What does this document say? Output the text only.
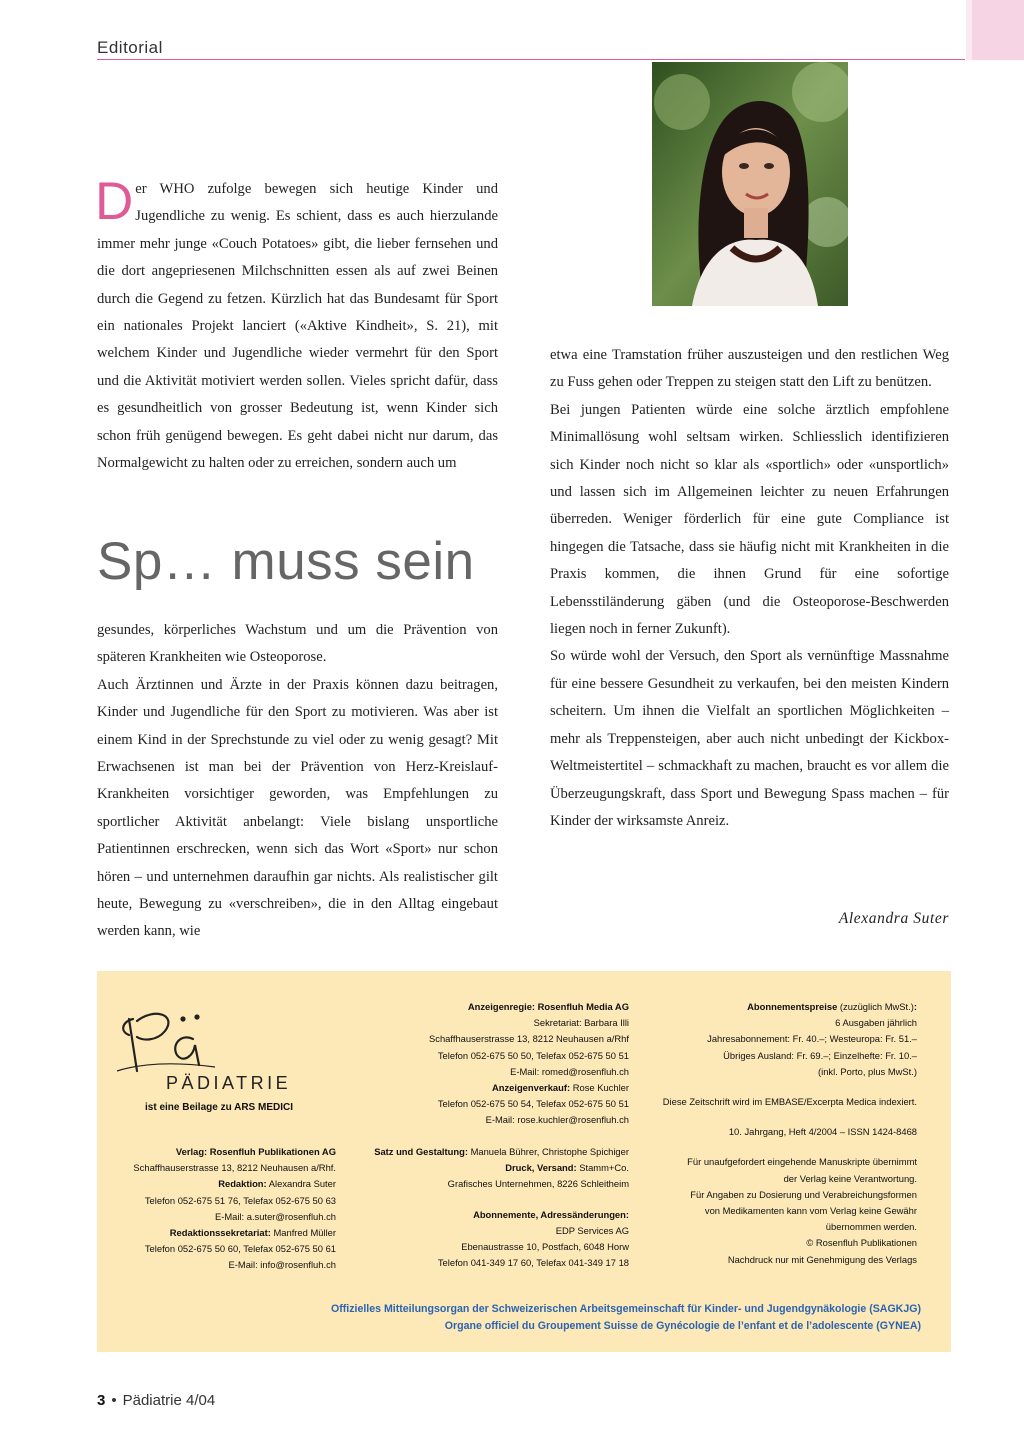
Editorial

Der WHO zufolge bewegen sich heutige Kinder und Jugendliche zu wenig. Es schient, dass es auch hierzulande immer mehr junge «Couch Potatoes» gibt, die lieber fernsehen und die dort angepriesenen Milchschnitten essen als auf zwei Beinen durch die Gegend zu fetzen. Kürzlich hat das Bundesamt für Sport ein nationales Projekt lanciert («Aktive Kindheit», S. 21), mit welchem Kinder und Jugendliche wieder vermehrt für den Sport und die Aktivität motiviert werden sollen. Vieles spricht dafür, dass es gesundheitlich von grosser Bedeutung ist, wenn Kinder sich schon früh genügend bewegen. Es geht dabei nicht nur darum, das Normalgewicht zu halten oder zu erreichen, sondern auch um

Sp… muss sein

gesundes, körperliches Wachstum und um die Prävention von späteren Krankheiten wie Osteoporose.

Auch Ärztinnen und Ärzte in der Praxis können dazu beitragen, Kinder und Jugendliche für den Sport zu motivieren. Was aber ist einem Kind in der Sprechstunde zu viel oder zu wenig gesagt? Mit Erwachsenen ist man bei der Prävention von Herz-Kreislauf-Krankheiten vorsichtiger geworden, was Empfehlungen zu sportlicher Aktivität anbelangt: Viele bislang unsportliche Patientinnen erschrecken, wenn sich das Wort «Sport» nur schon hören – und unternehmen daraufhin gar nichts. Als realistischer gilt heute, Bewegung zu «verschreiben», die in den Alltag eingebaut werden kann, wie

etwa eine Tramstation früher auszusteigen und den restlichen Weg zu Fuss gehen oder Treppen zu steigen statt den Lift zu benützen.

Bei jungen Patienten würde eine solche ärztlich empfohlene Minimallösung wohl seltsam wirken. Schliesslich identifizieren sich Kinder noch nicht so klar als «sportlich» oder «unsportlich» und lassen sich im Allgemeinen leichter zu neuen Erfahrungen überreden. Weniger förderlich für eine gute Compliance ist hingegen die Tatsache, dass sie häufig nicht mit Krankheiten in die Praxis kommen, die ihnen Grund für eine sofortige Lebensstiländerung gäben (und die Osteoporose-Beschwerden liegen noch in ferner Zukunft).

So würde wohl der Versuch, den Sport als vernünftige Massnahme für eine bessere Gesundheit zu verkaufen, bei den meisten Kindern scheitern. Um ihnen die Vielfalt an sportlichen Möglichkeiten – mehr als Treppensteigen, aber auch nicht unbedingt der Kickbox-Weltmeistertitel – schmackhaft zu machen, braucht es vor allem die Überzeugungskraft, dass Sport und Bewegung Spass machen – für Kinder der wirksamste Anreiz.

Alexandra Suter
PÄDIATRIE
ist eine Beilage zu ARS MEDICI
Verlag: Rosenfluh Publikationen AG
Schaffhauserstrasse 13, 8212 Neuhausen a/Rhf.
Redaktion: Alexandra Suter
Telefon 052-675 51 76, Telefax 052-675 50 63
E-Mail: a.suter@rosenfluh.ch
Redaktionssekretariat: Manfred Müller
Telefon 052-675 50 60, Telefax 052-675 50 61
E-Mail: info@rosenfluh.ch
Anzeigenregie: Rosenfluh Media AG
Sekretariat: Barbara Illi
Schaffhauserstrasse 13, 8212 Neuhausen a/Rhf
Telefon 052-675 50 50, Telefax 052-675 50 51
E-Mail: romed@rosenfluh.ch
Anzeigenverkauf: Rose Kuchler
Telefon 052-675 50 54, Telefax 052-675 50 51
E-Mail: rose.kuchler@rosenfluh.ch
Satz und Gestaltung: Manuela Bührer, Christophe Spichiger
Druck, Versand: Stamm+Co.
Grafisches Unternehmen, 8226 Schleitheim
Abonnemente, Adressänderungen:
EDP Services AG
Ebenaustrasse 10, Postfach, 6048 Horw
Telefon 041-349 17 60, Telefax 041-349 17 18
Abonnementspreise (zuzüglich MwSt.):
6 Ausgaben jährlich
Jahresabonnement: Fr. 40.–; Westeuropa: Fr. 51.–
Übriges Ausland: Fr. 69.–; Einzelhefte: Fr. 10.–
(inkl. Porto, plus MwSt.)
Diese Zeitschrift wird im EMBASE/Excerpta Medica indexiert.
10. Jahrgang, Heft 4/2004 – ISSN 1424-8468
Für unaufgefordert eingehende Manuskripte übernimmt
der Verlag keine Verantwortung.
Für Angaben zu Dosierung und Verabreichungsformen
von Medikamenten kann vom Verlag keine Gewähr
übernommen werden.
© Rosenfluh Publikationen
Nachdruck nur mit Genehmigung des Verlags
Offizielles Mitteilungsorgan der Schweizerischen Arbeitsgemeinschaft für Kinder- und Jugendgynäkologie (SAGKJG)
Organe officiel du Groupement Suisse de Gynécologie de l’enfant et de l’adolescente (GYNEA)
3 • Pädiatrie 4/04
